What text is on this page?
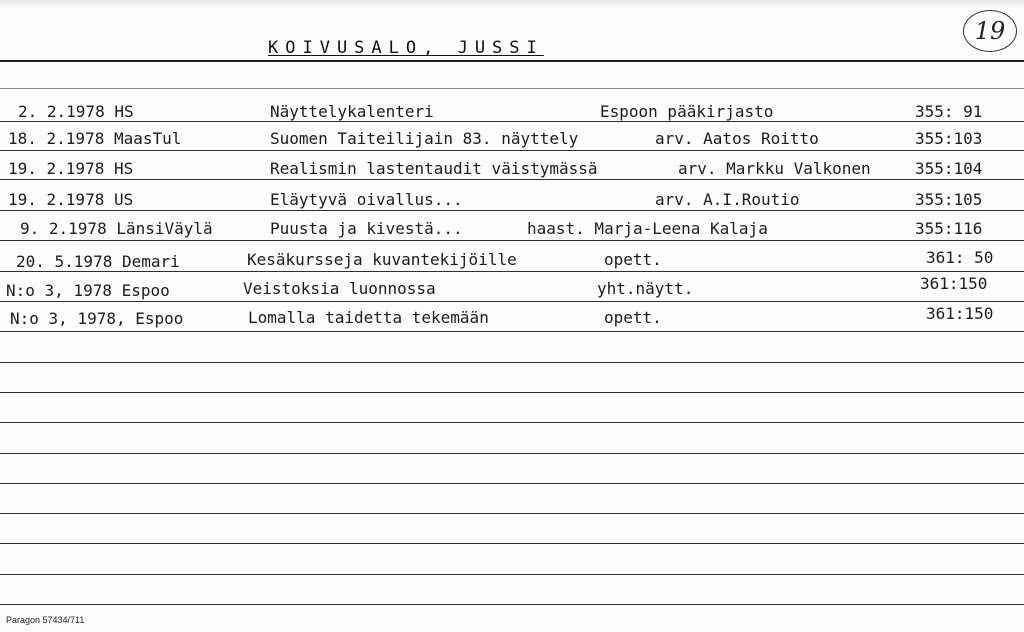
KOIVUSALO, JUSSI
19
2. 2.1978 HS	Näyttelykalenteri	Espoon pääkirjasto	355: 91
18. 2.1978 MaasTul	Suomen Taiteilijain 83. näyttely	arv. Aatos Roitto	355:103
19. 2.1978 HS	Realismin lastentaudit väistymässä	arv. Markku Valkonen	355:104
19. 2.1978 US	Eläytyvä oivallus...	arv. A.I.Routio	355:105
9. 2.1978 LänsiVäylä	Puusta ja kivestä...	haast. Marja-Leena Kalaja	355:116
20. 5.1978 Demari	Kesäkursseja kuvantekijöille	opett.	361: 50
N:o 3, 1978 Espoo	Veistoksia luonnossa	yht.näytt.	361:150
N:o 3, 1978, Espoo	Lomalla taidetta tekemään	opett.	361:150
Paragon 57434/711
